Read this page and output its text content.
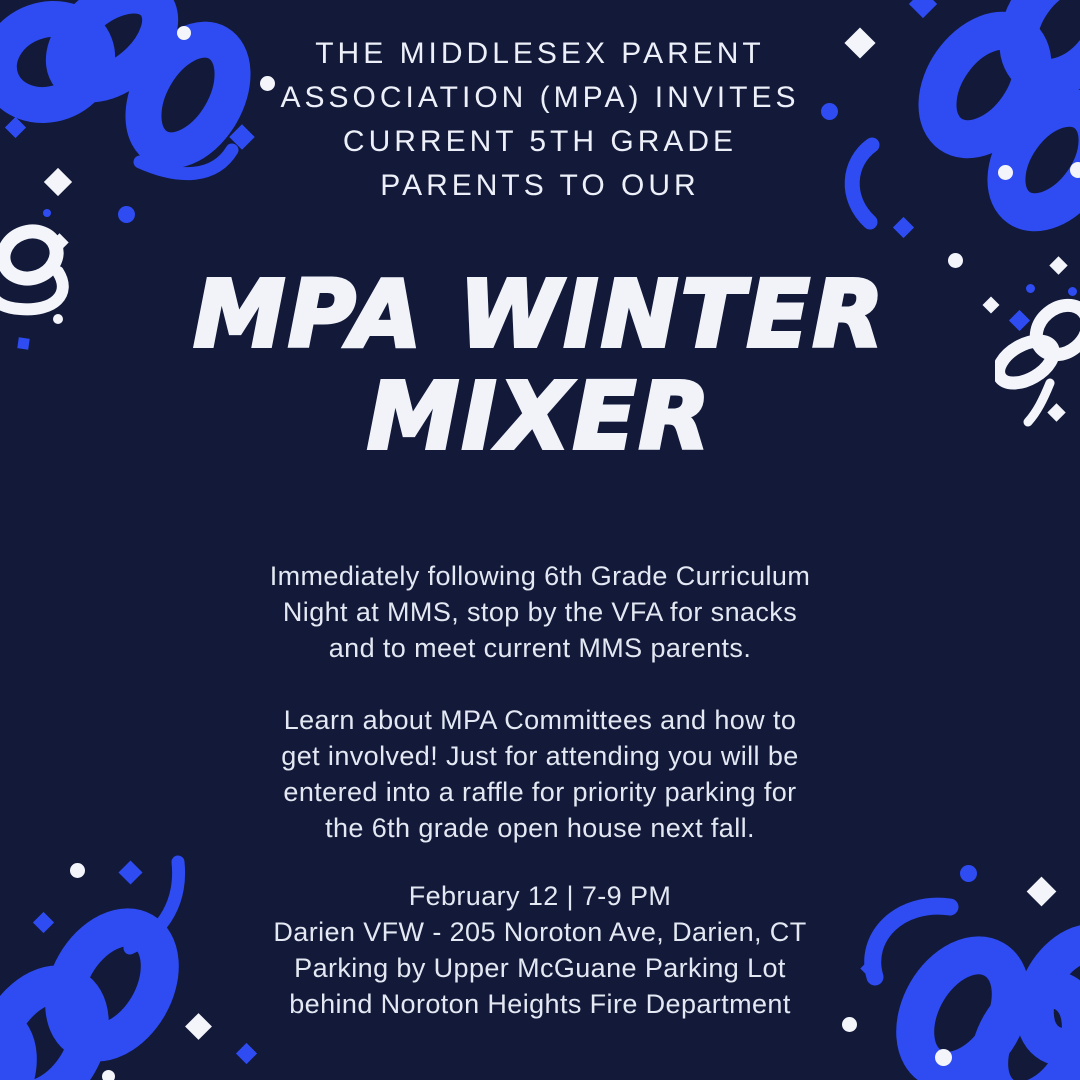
THE MIDDLESEX PARENT
ASSOCIATION (MPA) INVITES
CURRENT 5TH GRADE
PARENTS TO OUR
MPA WINTER
MIXER

Immediately following 6th Grade Curriculum
Night at MMS, stop by the VFA for snacks
and to meet current MMS parents.

Learn about MPA Committees and how to
get involved! Just for attending you will be
entered into a raffle for priority parking for
the 6th grade open house next fall.

February 12 | 7-9 PM
Darien VFW - 205 Noroton Ave, Darien, CT
Parking by Upper McGuane Parking Lot
behind Noroton Heights Fire Department
